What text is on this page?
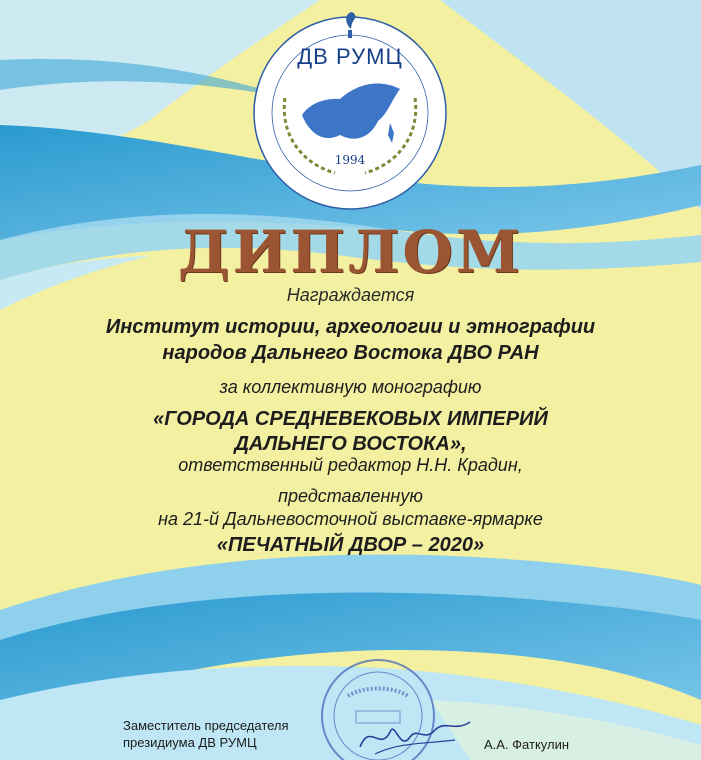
ДВ РУМЦ
1994
ДИПЛОМ
Награждается
Институт истории, археологии и этнографии
народов Дальнего Востока ДВО РАН
за коллективную монографию
«ГОРОДА СРЕДНЕВЕКОВЫХ ИМПЕРИЙ
ДАЛЬНЕГО ВОСТОКА»,
ответственный редактор Н.Н. Крадин,
представленную
на 21-й Дальневосточной выставке-ярмарке
«ПЕЧАТНЫЙ ДВОР – 2020»
Заместитель председателя
президиума ДВ РУМЦ	А.А. Фаткулин
